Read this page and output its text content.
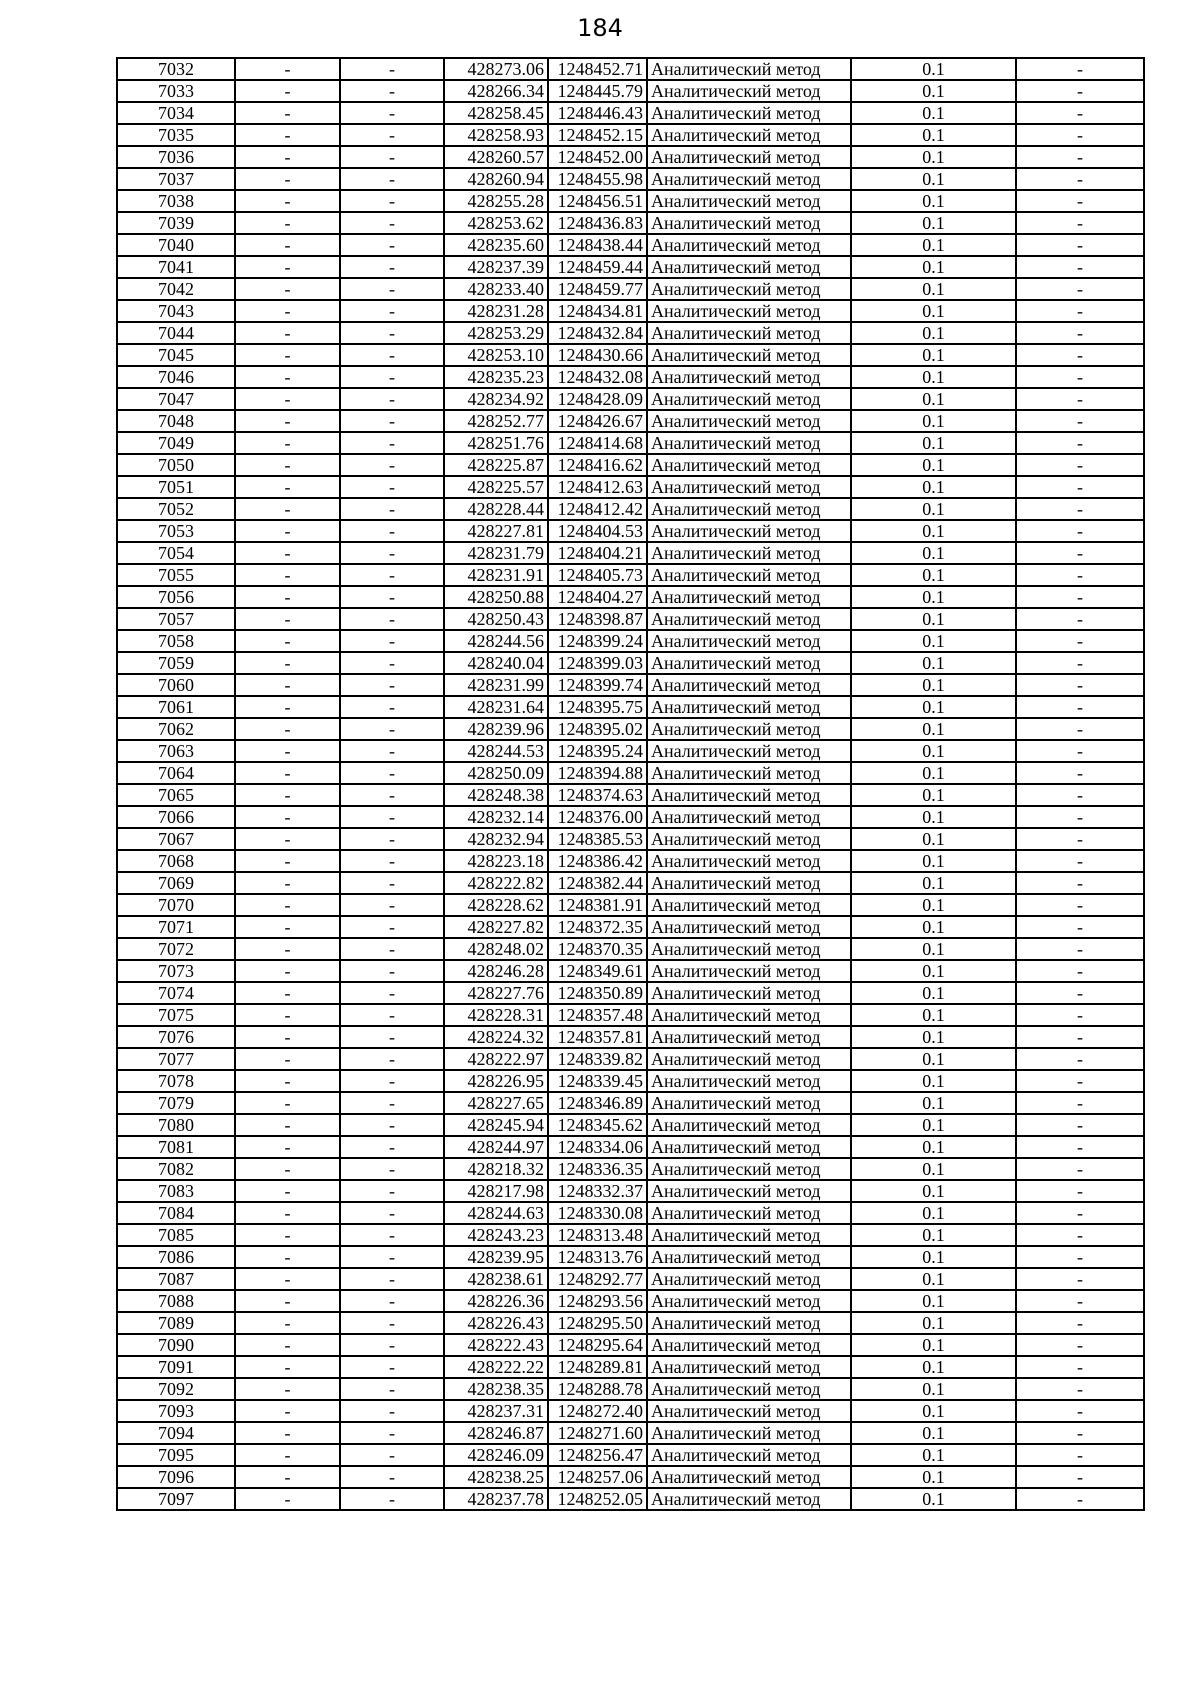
184
7032	-	-	428273.06	1248452.71	Аналитический метод	0.1	-
7033	-	-	428266.34	1248445.79	Аналитический метод	0.1	-
7034	-	-	428258.45	1248446.43	Аналитический метод	0.1	-
7035	-	-	428258.93	1248452.15	Аналитический метод	0.1	-
7036	-	-	428260.57	1248452.00	Аналитический метод	0.1	-
7037	-	-	428260.94	1248455.98	Аналитический метод	0.1	-
7038	-	-	428255.28	1248456.51	Аналитический метод	0.1	-
7039	-	-	428253.62	1248436.83	Аналитический метод	0.1	-
7040	-	-	428235.60	1248438.44	Аналитический метод	0.1	-
7041	-	-	428237.39	1248459.44	Аналитический метод	0.1	-
7042	-	-	428233.40	1248459.77	Аналитический метод	0.1	-
7043	-	-	428231.28	1248434.81	Аналитический метод	0.1	-
7044	-	-	428253.29	1248432.84	Аналитический метод	0.1	-
7045	-	-	428253.10	1248430.66	Аналитический метод	0.1	-
7046	-	-	428235.23	1248432.08	Аналитический метод	0.1	-
7047	-	-	428234.92	1248428.09	Аналитический метод	0.1	-
7048	-	-	428252.77	1248426.67	Аналитический метод	0.1	-
7049	-	-	428251.76	1248414.68	Аналитический метод	0.1	-
7050	-	-	428225.87	1248416.62	Аналитический метод	0.1	-
7051	-	-	428225.57	1248412.63	Аналитический метод	0.1	-
7052	-	-	428228.44	1248412.42	Аналитический метод	0.1	-
7053	-	-	428227.81	1248404.53	Аналитический метод	0.1	-
7054	-	-	428231.79	1248404.21	Аналитический метод	0.1	-
7055	-	-	428231.91	1248405.73	Аналитический метод	0.1	-
7056	-	-	428250.88	1248404.27	Аналитический метод	0.1	-
7057	-	-	428250.43	1248398.87	Аналитический метод	0.1	-
7058	-	-	428244.56	1248399.24	Аналитический метод	0.1	-
7059	-	-	428240.04	1248399.03	Аналитический метод	0.1	-
7060	-	-	428231.99	1248399.74	Аналитический метод	0.1	-
7061	-	-	428231.64	1248395.75	Аналитический метод	0.1	-
7062	-	-	428239.96	1248395.02	Аналитический метод	0.1	-
7063	-	-	428244.53	1248395.24	Аналитический метод	0.1	-
7064	-	-	428250.09	1248394.88	Аналитический метод	0.1	-
7065	-	-	428248.38	1248374.63	Аналитический метод	0.1	-
7066	-	-	428232.14	1248376.00	Аналитический метод	0.1	-
7067	-	-	428232.94	1248385.53	Аналитический метод	0.1	-
7068	-	-	428223.18	1248386.42	Аналитический метод	0.1	-
7069	-	-	428222.82	1248382.44	Аналитический метод	0.1	-
7070	-	-	428228.62	1248381.91	Аналитический метод	0.1	-
7071	-	-	428227.82	1248372.35	Аналитический метод	0.1	-
7072	-	-	428248.02	1248370.35	Аналитический метод	0.1	-
7073	-	-	428246.28	1248349.61	Аналитический метод	0.1	-
7074	-	-	428227.76	1248350.89	Аналитический метод	0.1	-
7075	-	-	428228.31	1248357.48	Аналитический метод	0.1	-
7076	-	-	428224.32	1248357.81	Аналитический метод	0.1	-
7077	-	-	428222.97	1248339.82	Аналитический метод	0.1	-
7078	-	-	428226.95	1248339.45	Аналитический метод	0.1	-
7079	-	-	428227.65	1248346.89	Аналитический метод	0.1	-
7080	-	-	428245.94	1248345.62	Аналитический метод	0.1	-
7081	-	-	428244.97	1248334.06	Аналитический метод	0.1	-
7082	-	-	428218.32	1248336.35	Аналитический метод	0.1	-
7083	-	-	428217.98	1248332.37	Аналитический метод	0.1	-
7084	-	-	428244.63	1248330.08	Аналитический метод	0.1	-
7085	-	-	428243.23	1248313.48	Аналитический метод	0.1	-
7086	-	-	428239.95	1248313.76	Аналитический метод	0.1	-
7087	-	-	428238.61	1248292.77	Аналитический метод	0.1	-
7088	-	-	428226.36	1248293.56	Аналитический метод	0.1	-
7089	-	-	428226.43	1248295.50	Аналитический метод	0.1	-
7090	-	-	428222.43	1248295.64	Аналитический метод	0.1	-
7091	-	-	428222.22	1248289.81	Аналитический метод	0.1	-
7092	-	-	428238.35	1248288.78	Аналитический метод	0.1	-
7093	-	-	428237.31	1248272.40	Аналитический метод	0.1	-
7094	-	-	428246.87	1248271.60	Аналитический метод	0.1	-
7095	-	-	428246.09	1248256.47	Аналитический метод	0.1	-
7096	-	-	428238.25	1248257.06	Аналитический метод	0.1	-
7097	-	-	428237.78	1248252.05	Аналитический метод	0.1	-
